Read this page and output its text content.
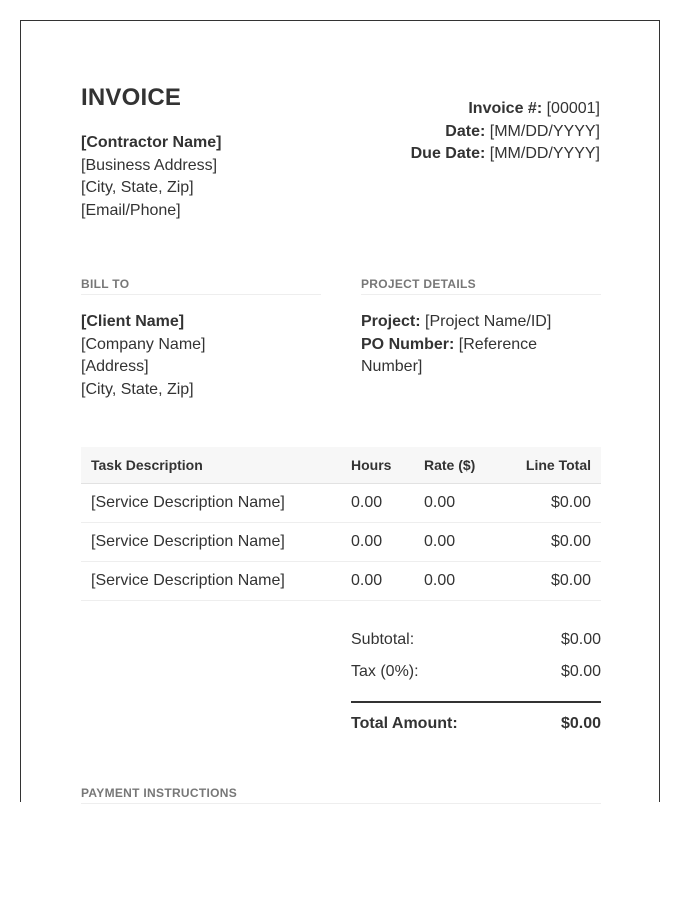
INVOICE
[Contractor Name]
[Business Address]
[City, State, Zip]
[Email/Phone]
Invoice #: [00001]
Date: [MM/DD/YYYY]
Due Date: [MM/DD/YYYY]
BILL TO	PROJECT DETAILS
[Client Name]
[Company Name]
[Address]
[City, State, Zip]
Project: [Project Name/ID]
PO Number: [Reference Number]
Task Description	Hours	Rate ($)	Line Total
[Service Description Name]	0.00	0.00	$0.00
[Service Description Name]	0.00	0.00	$0.00
[Service Description Name]	0.00	0.00	$0.00
Subtotal:	$0.00
Tax (0%):	$0.00
Total Amount:	$0.00
PAYMENT INSTRUCTIONS
